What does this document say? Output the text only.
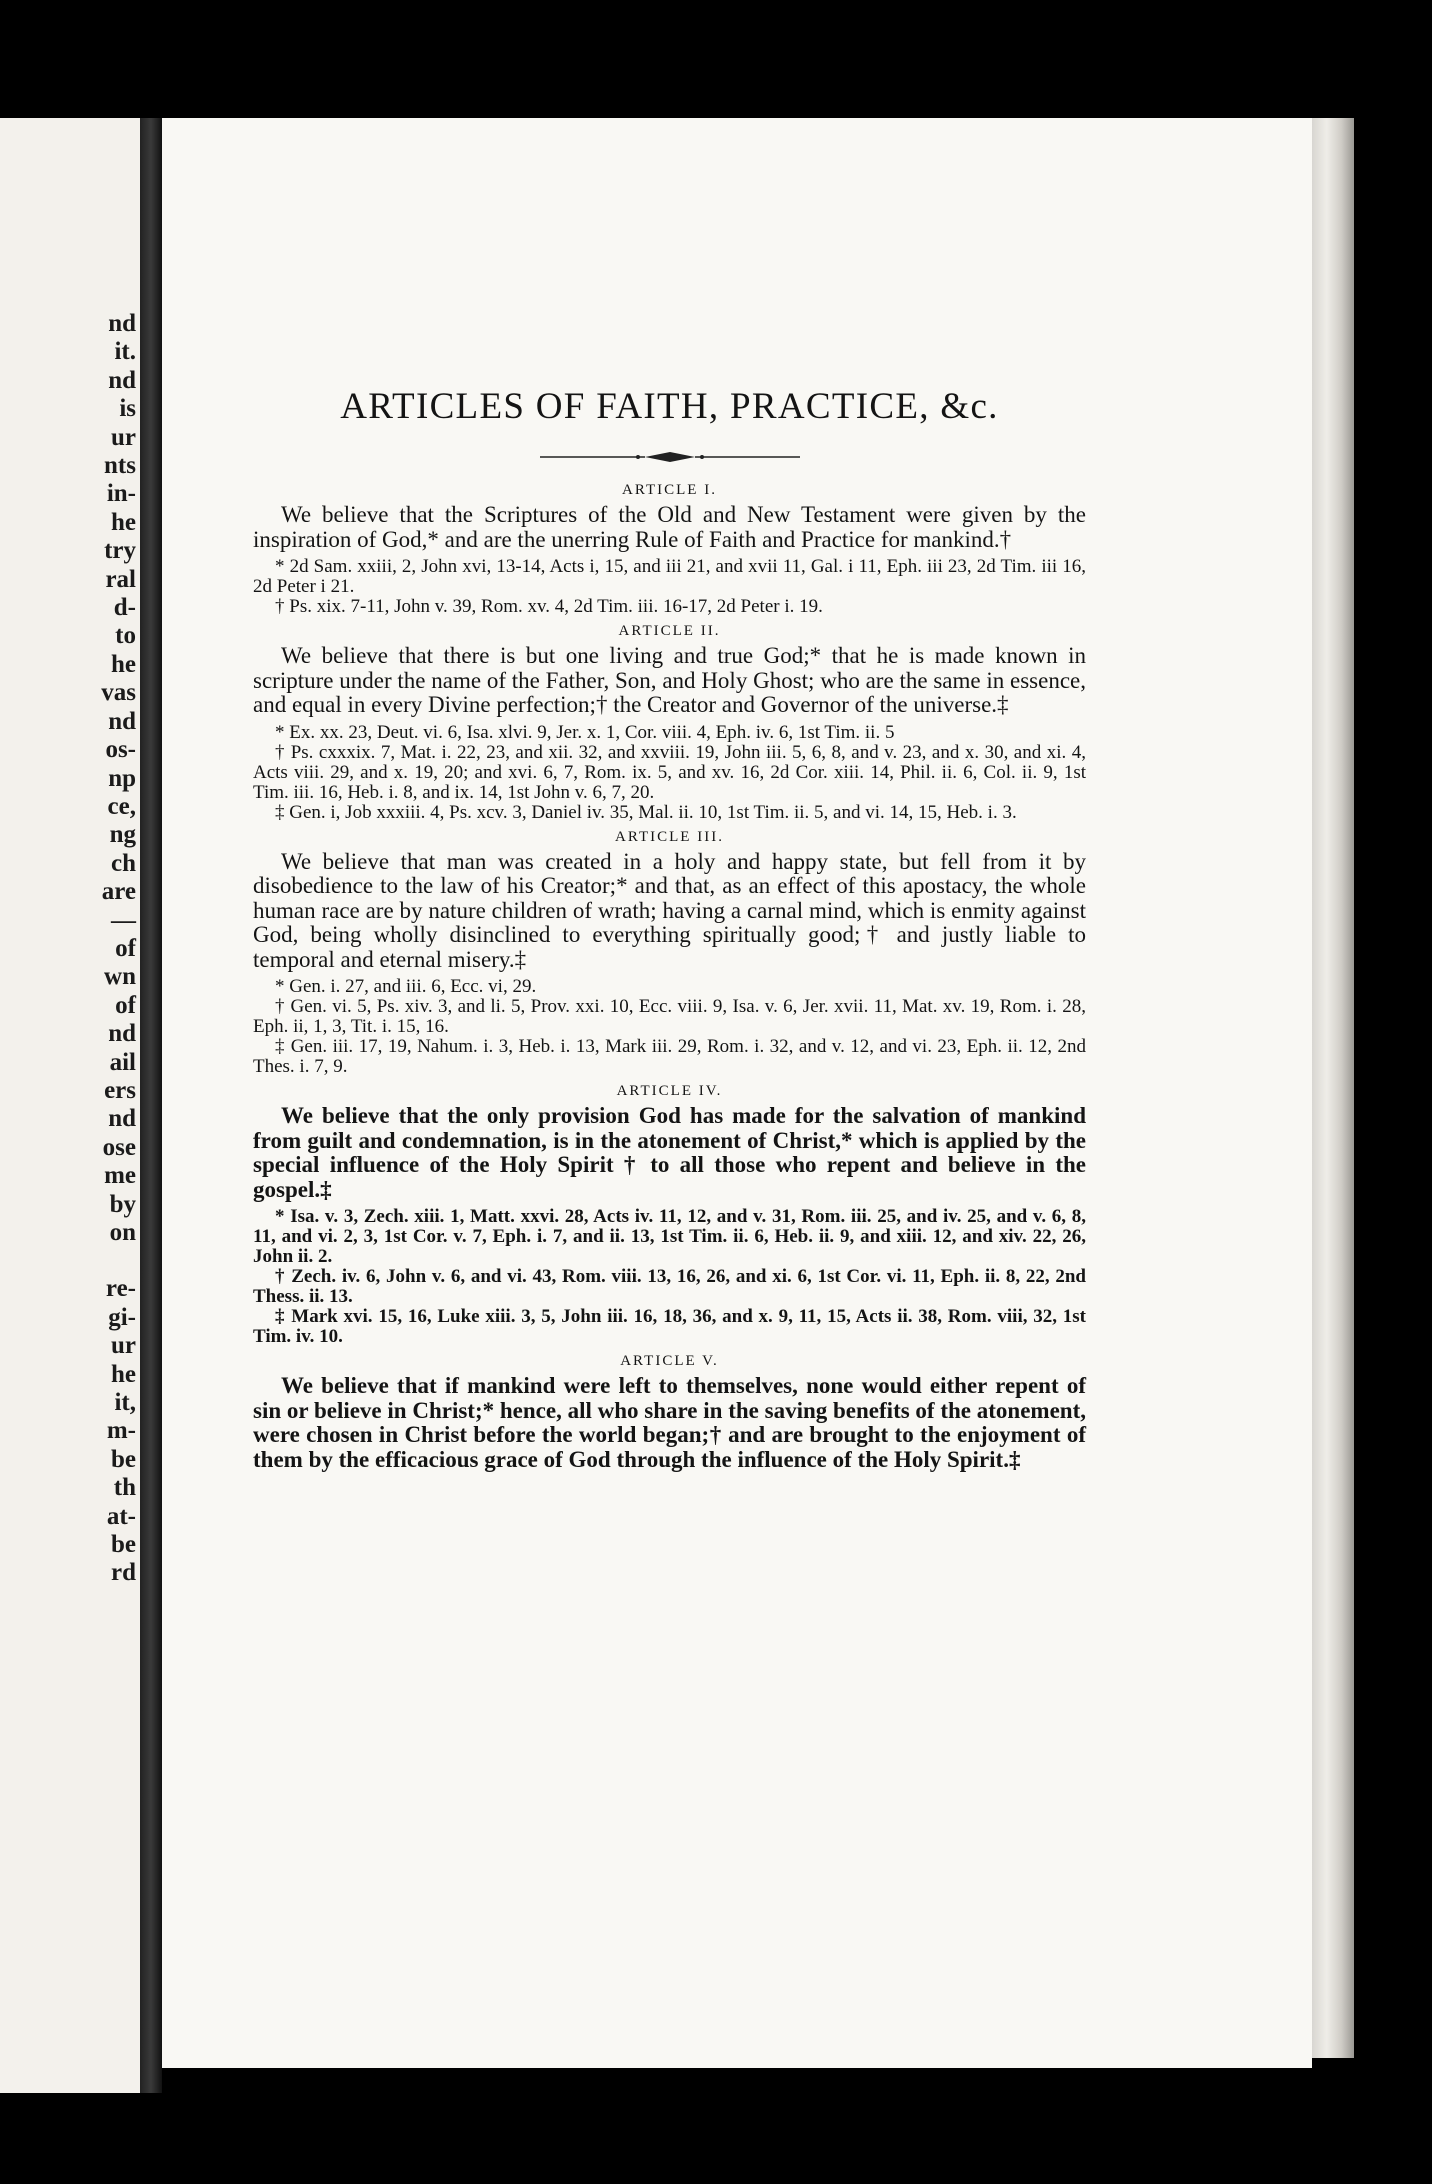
nd
it.
nd
is
ur
nts
in-
he
try
ral
d-
to
he
vas
nd
os-
np
ce,
ng
ch
are
—
of
wn
of
nd
ail
ers
nd
ose
me
by
on
re-
gi-
ur
he
it,
m-
be
th
at-
be
rd
ARTICLES OF FAITH, PRACTICE, &c.
ARTICLE I.

We believe that the Scriptures of the Old and New Testament were given by the inspiration of God,* and are the unerring Rule of Faith and Practice for mankind.†

* 2d Sam. xxiii, 2, John xvi, 13-14, Acts i, 15, and iii 21, and xvii 11, Gal. i 11, Eph. iii 23, 2d Tim. iii 16, 2d Peter i 21.

† Ps. xix. 7-11, John v. 39, Rom. xv. 4, 2d Tim. iii. 16-17, 2d Peter i. 19.

ARTICLE II.

We believe that there is but one living and true God;* that he is made known in scripture under the name of the Father, Son, and Holy Ghost; who are the same in essence, and equal in every Divine perfection;† the Creator and Governor of the universe.‡

* Ex. xx. 23, Deut. vi. 6, Isa. xlvi. 9, Jer. x. 1, Cor. viii. 4, Eph. iv. 6, 1st Tim. ii. 5

† Ps. cxxxix. 7, Mat. i. 22, 23, and xii. 32, and xxviii. 19, John iii. 5, 6, 8, and v. 23, and x. 30, and xi. 4, Acts viii. 29, and x. 19, 20; and xvi. 6, 7, Rom. ix. 5, and xv. 16, 2d Cor. xiii. 14, Phil. ii. 6, Col. ii. 9, 1st Tim. iii. 16, Heb. i. 8, and ix. 14, 1st John v. 6, 7, 20.

‡ Gen. i, Job xxxiii. 4, Ps. xcv. 3, Daniel iv. 35, Mal. ii. 10, 1st Tim. ii. 5, and vi. 14, 15, Heb. i. 3.

ARTICLE III.

We believe that man was created in a holy and happy state, but fell from it by disobedience to the law of his Creator;* and that, as an effect of this apostacy, the whole human race are by nature children of wrath; having a carnal mind, which is enmity against God, being wholly disinclined to everything spiritually good;† and justly liable to temporal and eternal misery.‡

* Gen. i. 27, and iii. 6, Ecc. vi, 29.

† Gen. vi. 5, Ps. xiv. 3, and li. 5, Prov. xxi. 10, Ecc. viii. 9, Isa. v. 6, Jer. xvii. 11, Mat. xv. 19, Rom. i. 28, Eph. ii, 1, 3, Tit. i. 15, 16.

‡ Gen. iii. 17, 19, Nahum. i. 3, Heb. i. 13, Mark iii. 29, Rom. i. 32, and v. 12, and vi. 23, Eph. ii. 12, 2nd Thes. i. 7, 9.

ARTICLE IV.

We believe that the only provision God has made for the salvation of mankind from guilt and condemnation, is in the atonement of Christ,* which is applied by the special influence of the Holy Spirit † to all those who repent and believe in the gospel.‡

* Isa. v. 3, Zech. xiii. 1, Matt. xxvi. 28, Acts iv. 11, 12, and v. 31, Rom. iii. 25, and iv. 25, and v. 6, 8, 11, and vi. 2, 3, 1st Cor. v. 7, Eph. i. 7, and ii. 13, 1st Tim. ii. 6, Heb. ii. 9, and xiii. 12, and xiv. 22, 26, John ii. 2.

† Zech. iv. 6, John v. 6, and vi. 43, Rom. viii. 13, 16, 26, and xi. 6, 1st Cor. vi. 11, Eph. ii. 8, 22, 2nd Thess. ii. 13.

‡ Mark xvi. 15, 16, Luke xiii. 3, 5, John iii. 16, 18, 36, and x. 9, 11, 15, Acts ii. 38, Rom. viii, 32, 1st Tim. iv. 10.

ARTICLE V.

We believe that if mankind were left to themselves, none would either repent of sin or believe in Christ;* hence, all who share in the saving benefits of the atonement, were chosen in Christ before the world began;† and are brought to the enjoyment of them by the efficacious grace of God through the influence of the Holy Spirit.‡
